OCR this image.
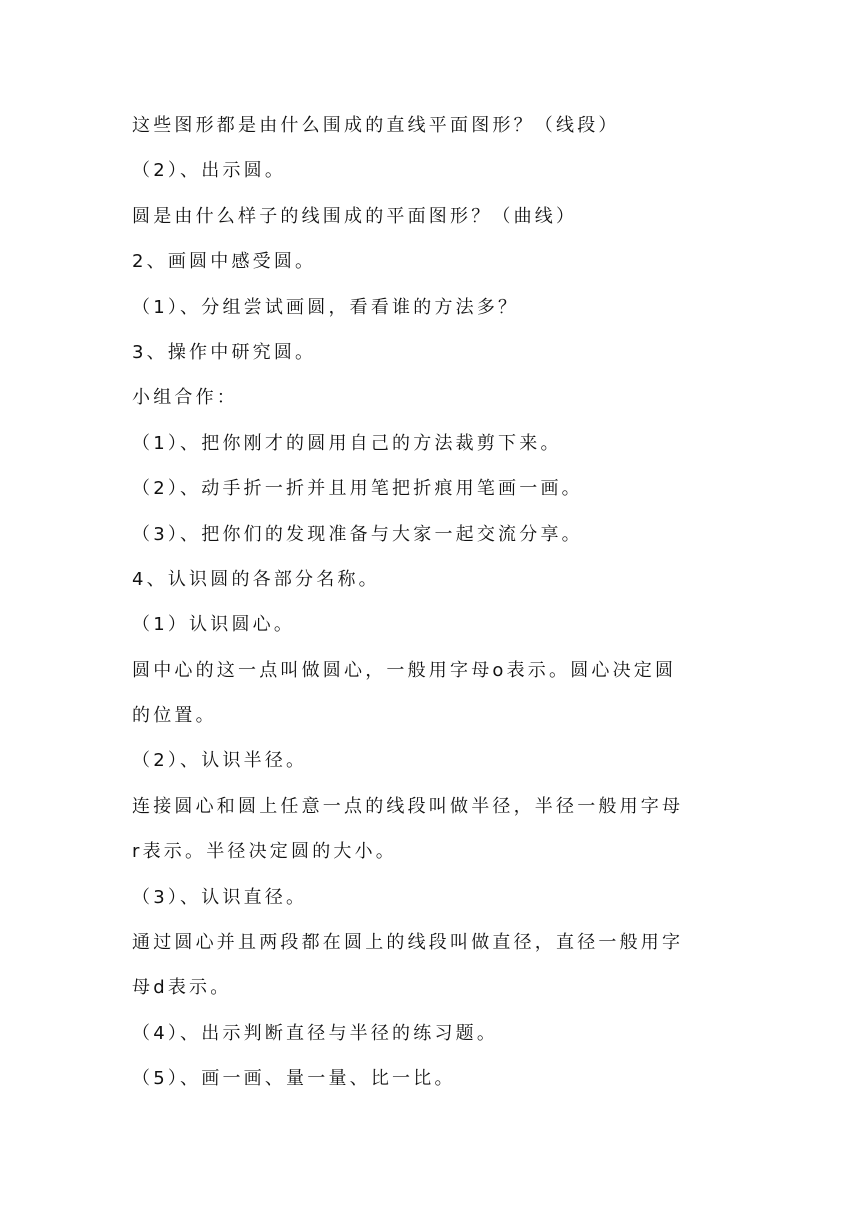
这些图形都是由什么围成的直线平面图形？（线段）
（2）、出示圆。
圆是由什么样子的线围成的平面图形？（曲线）
2、画圆中感受圆。
（1）、分组尝试画圆，看看谁的方法多？
3、操作中研究圆。
小组合作：
（1）、把你刚才的圆用自己的方法裁剪下来。
（2）、动手折一折并且用笔把折痕用笔画一画。
（3）、把你们的发现准备与大家一起交流分享。
4、认识圆的各部分名称。
（1）认识圆心。
圆中心的这一点叫做圆心，一般用字母o表示。圆心决定圆
的位置。
（2）、认识半径。
连接圆心和圆上任意一点的线段叫做半径，半径一般用字母
r表示。半径决定圆的大小。
（3）、认识直径。
通过圆心并且两段都在圆上的线段叫做直径，直径一般用字
母d表示。
（4）、出示判断直径与半径的练习题。
（5）、画一画、量一量、比一比。
